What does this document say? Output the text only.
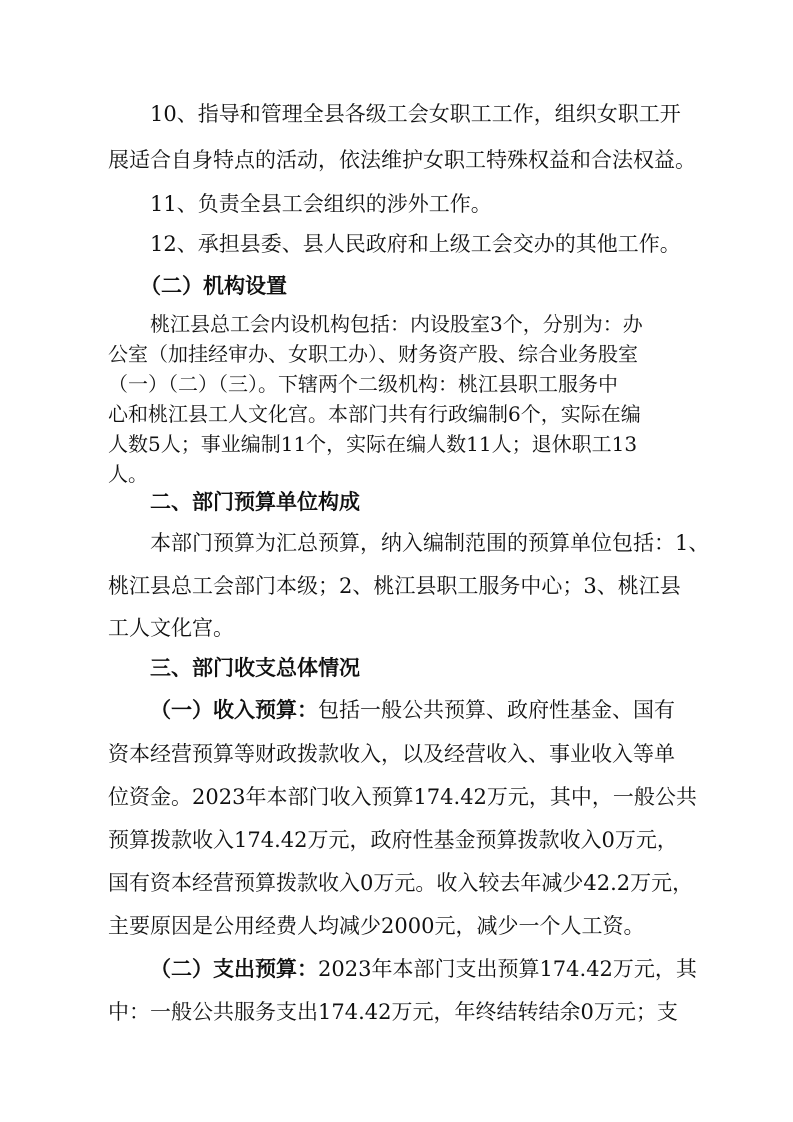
10、指导和管理全县各级工会女职工工作，组织女职工开
展适合自身特点的活动，依法维护女职工特殊权益和合法权益。
11、负责全县工会组织的涉外工作。
12、承担县委、县人民政府和上级工会交办的其他工作。
（二）机构设置
桃江县总工会内设机构包括：内设股室3个，分别为：办
公室（加挂经审办、女职工办）、财务资产股、综合业务股室
（一）（二）（三）。下辖两个二级机构：桃江县职工服务中
心和桃江县工人文化宫。本部门共有行政编制6个，实际在编
人数5人；事业编制11个，实际在编人数11人；退休职工13
人。
二、部门预算单位构成
本部门预算为汇总预算，纳入编制范围的预算单位包括：1、
桃江县总工会部门本级；2、桃江县职工服务中心；3、桃江县
工人文化宫。
三、部门收支总体情况
（一）收入预算：包括一般公共预算、政府性基金、国有
资本经营预算等财政拨款收入，以及经营收入、事业收入等单
位资金。2023年本部门收入预算174.42万元，其中，一般公共
预算拨款收入174.42万元，政府性基金预算拨款收入0万元，
国有资本经营预算拨款收入0万元。收入较去年减少42.2万元，
主要原因是公用经费人均减少2000元，减少一个人工资。
（二）支出预算：2023年本部门支出预算174.42万元，其
中：一般公共服务支出174.42万元，年终结转结余0万元；支
